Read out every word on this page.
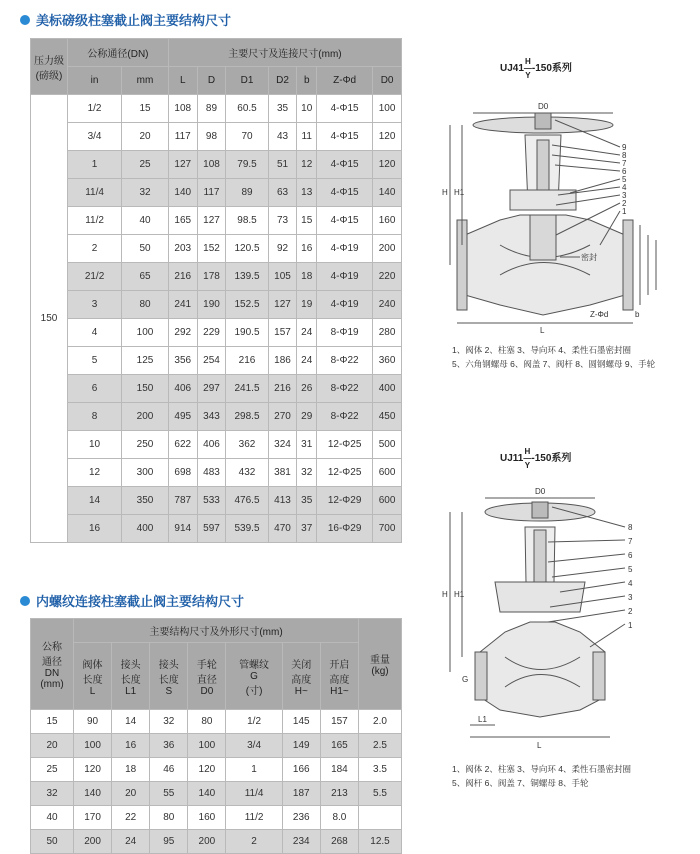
美标磅级柱塞截止阀主要结构尺寸
压力级
(磅级)	公称通径(DN)		主要尺寸及连接尺寸(mm)						
	in	mm	L	D	D1	D2	b	Z-Φd	D0
150	1/2	15	108	89	60.5	35	10	4-Φ15	100
	3/4	20	117	98	70	43	11	4-Φ15	120
	1	25	127	108	79.5	51	12	4-Φ15	120
	11/4	32	140	117	89	63	13	4-Φ15	140
	11/2	40	165	127	98.5	73	15	4-Φ15	160
	2	50	203	152	120.5	92	16	4-Φ19	200
	21/2	65	216	178	139.5	105	18	4-Φ19	220
	3	80	241	190	152.5	127	19	4-Φ19	240
	4	100	292	229	190.5	157	24	8-Φ19	280
	5	125	356	254	216	186	24	8-Φ22	360
	6	150	406	297	241.5	216	26	8-Φ22	400
	8	200	495	343	298.5	270	29	8-Φ22	450
	10	250	622	406	362	324	31	12-Φ25	500
	12	300	698	483	432	381	32	12-Φ25	600
	14	350	787	533	476.5	413	35	12-Φ29	600
	16	400	914	597	539.5	470	37	16-Φ29	700
内螺纹连接柱塞截止阀主要结构尺寸
公称
通径
DN
(mm)	主要结构尺寸及外形尺寸(mm)							重量
(kg)
	阀体
长度
L	接头
长度
L1	接头
长度
S	手轮
直径
D0	管螺纹
G
(寸)	关闭
高度
H~	开启
高度
H1~	
15	90	14	32	80	1/2	145	157	2.0
20	100	16	36	100	3/4	149	165	2.5
25	120	18	46	120	1	166	184	3.5
32	140	20	55	140	11/4	187	213	5.5
40	170	22	80	160	11/2	236	8.0	
50	200	24	95	200	2	234	268	12.5
UJ41H
—
Y-150系列
D0
H H1
L
密封
b
Z-Φd
9
8
7
6
5
4
3
2
1
1、阀体 2、柱塞 3、导向环 4、柔性石墨密封圈
5、六角钢螺母 6、阀盖 7、阀杆 8、圆钢螺母 9、手轮
UJ11H
—
Y-150系列
D0
H H1
L
L1
G
8
7
6
5
4
3
2
1
1、阀体 2、柱塞 3、导向环 4、柔性石墨密封圈
5、阀杆 6、阀盖 7、铜螺母 8、手轮
